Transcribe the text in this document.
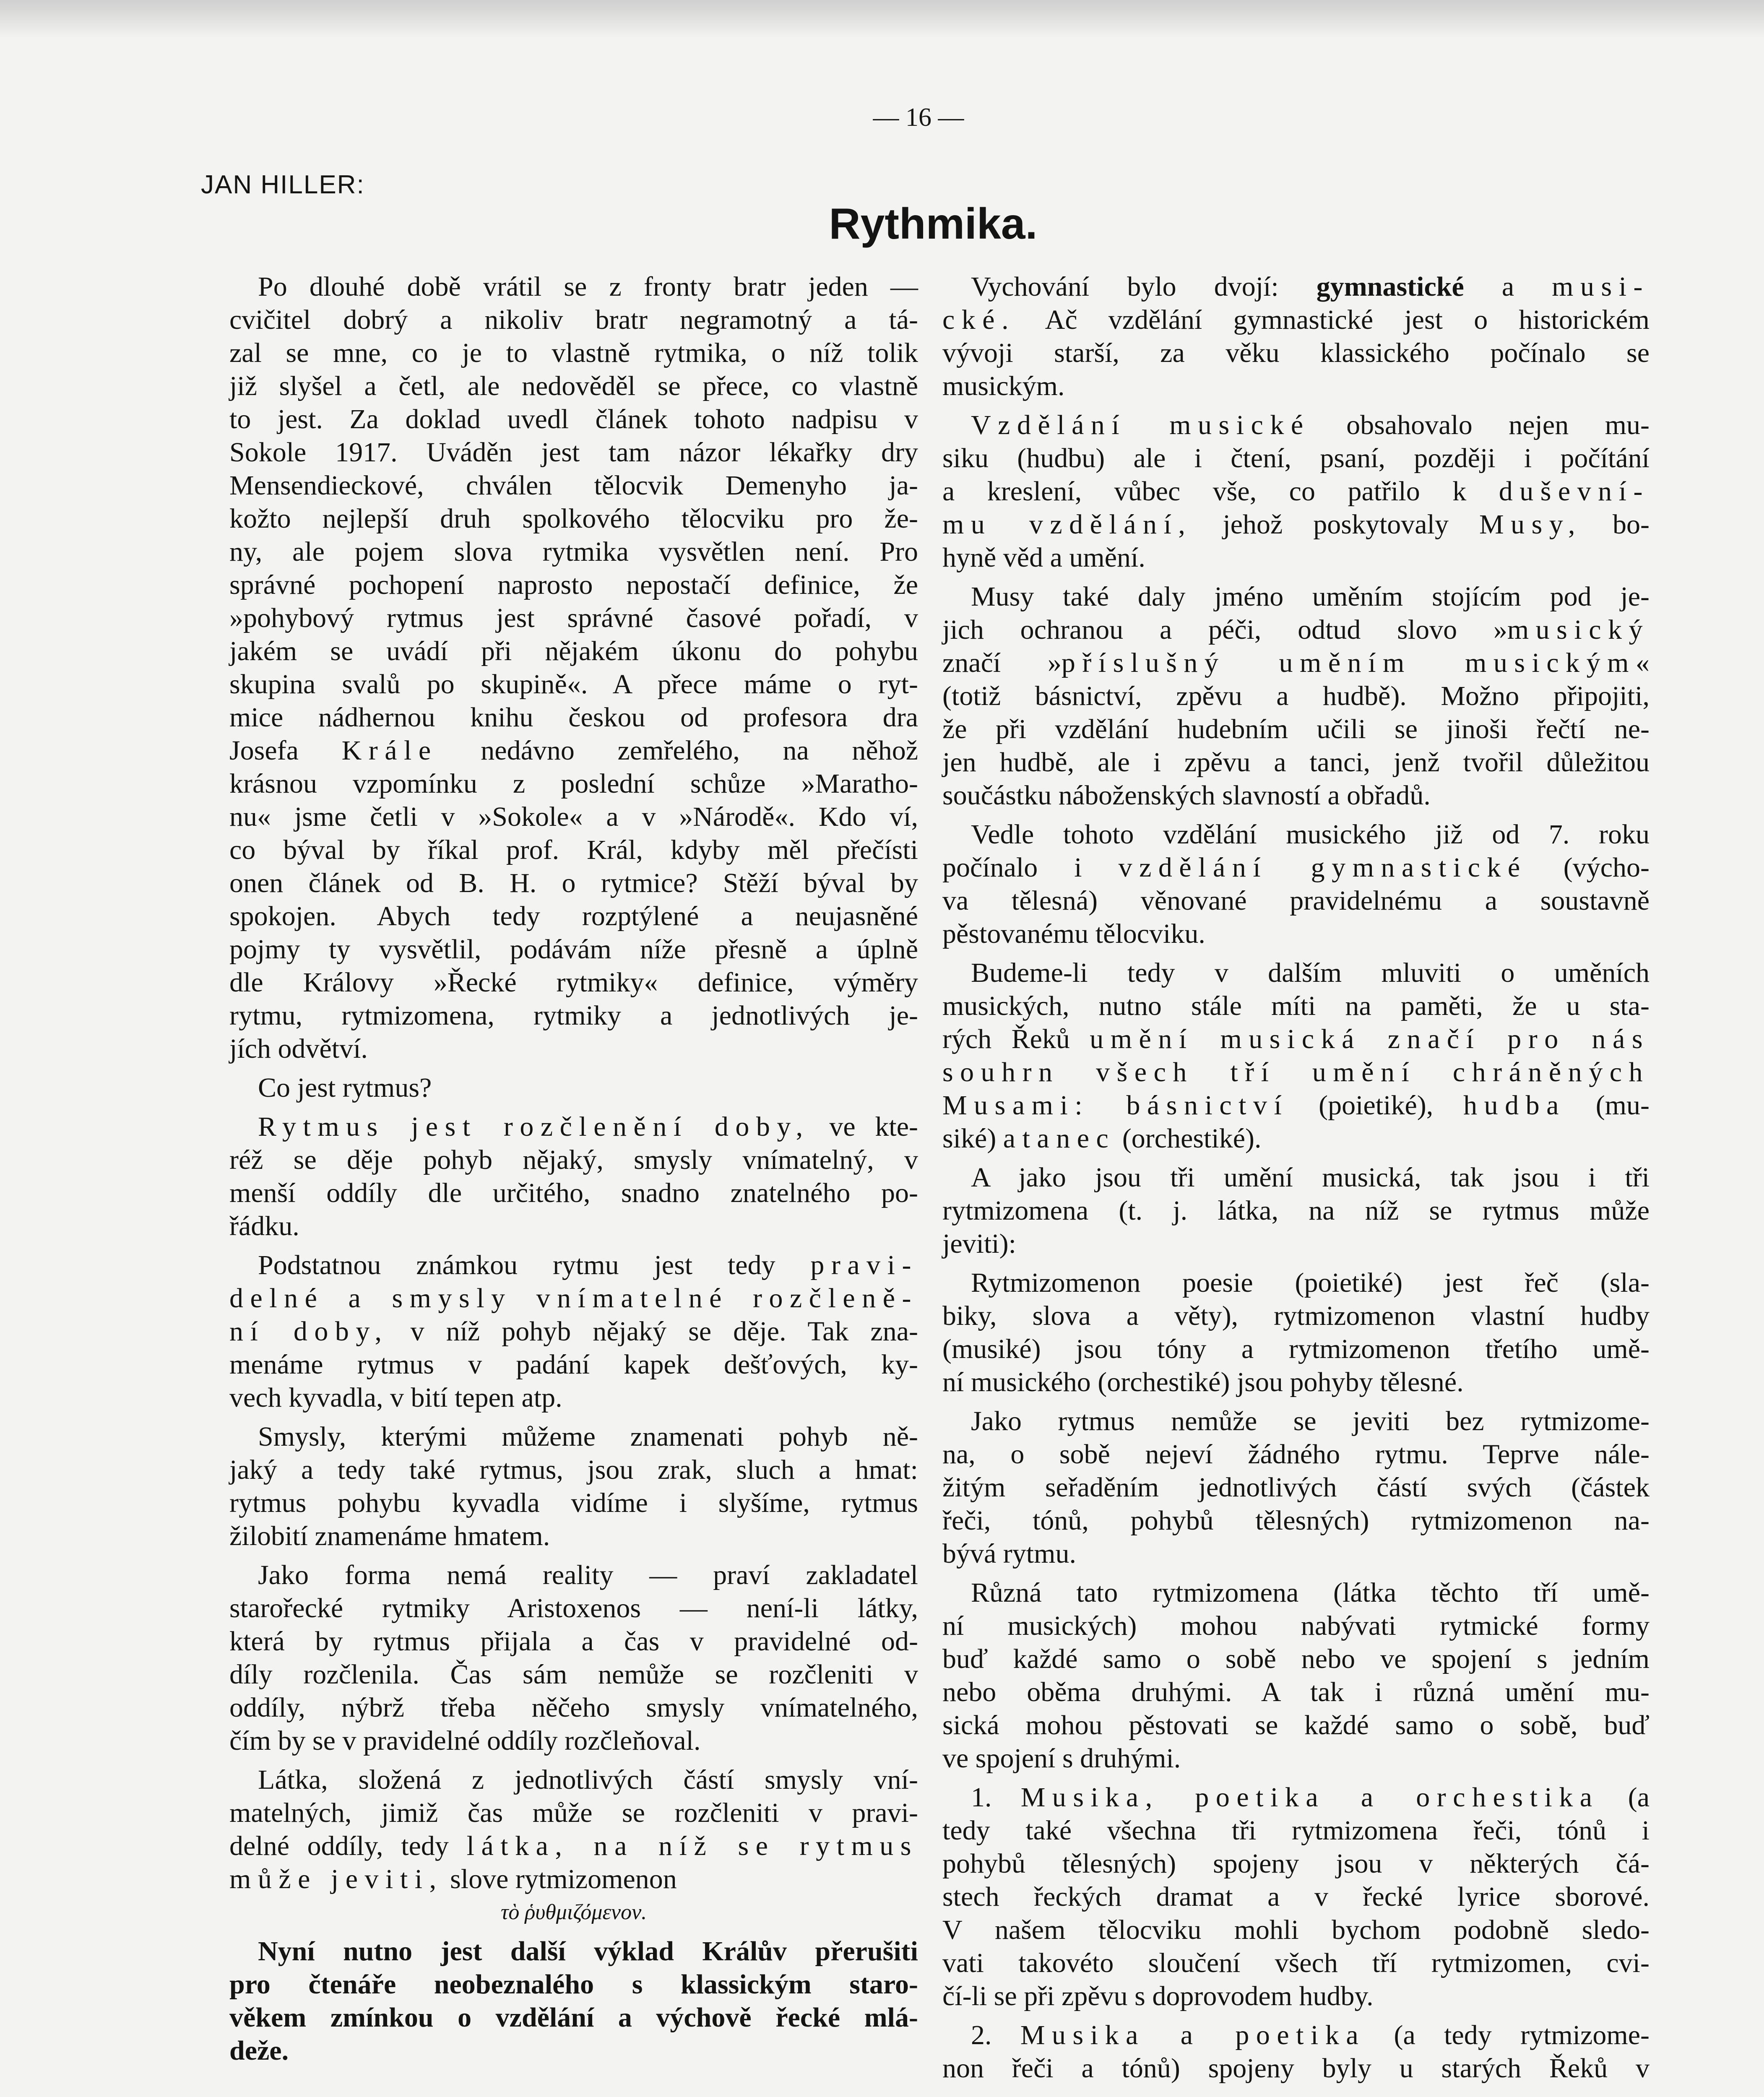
— 16 —
JAN HILLER:
Rythmika.
Po dlouhé době vrátil se z fronty bratr jeden —
cvičitel dobrý a nikoliv bratr negramotný a tá-
zal se mne, co je to vlastně rytmika, o níž tolik
již slyšel a četl, ale nedověděl se přece, co vlastně
to jest. Za doklad uvedl článek tohoto nadpisu v
Sokole 1917. Uváděn jest tam názor lékařky dry
Mensendieckové, chválen tělocvik Demenyho ja-
kožto nejlepší druh spolkového tělocviku pro že-
ny, ale pojem slova rytmika vysvětlen není. Pro
správné pochopení naprosto nepostačí definice, že
»pohybový rytmus jest správné časové pořadí, v
jakém se uvádí při nějakém úkonu do pohybu
skupina svalů po skupině«. A přece máme o ryt-
mice nádhernou knihu českou od profesora dra
Josefa Krále nedávno zemřelého, na něhož
krásnou vzpomínku z poslední schůze »Maratho-
nu« jsme četli v »Sokole« a v »Národě«. Kdo ví,
co býval by říkal prof. Král, kdyby měl přečísti
onen článek od B. H. o rytmice? Stěží býval by
spokojen. Abych tedy rozptýlené a neujasněné
pojmy ty vysvětlil, podávám níže přesně a úplně
dle Královy »Řecké rytmiky« definice, výměry
rytmu, rytmizomena, rytmiky a jednotlivých je-
jích odvětví.
Co jest rytmus?
Rytmus jest rozčlenění doby, ve kte-
réž se děje pohyb nějaký, smysly vnímatelný, v
menší oddíly dle určitého, snadno znatelného po-
řádku.
Podstatnou známkou rytmu jest tedy pravi-
delné a smysly vnímatelné rozčleně-
ní doby, v níž pohyb nějaký se děje. Tak zna-
menáme rytmus v padání kapek dešťových, ky-
vech kyvadla, v bití tepen atp.
Smysly, kterými můžeme znamenati pohyb ně-
jaký a tedy také rytmus, jsou zrak, sluch a hmat:
rytmus pohybu kyvadla vidíme i slyšíme, rytmus
žilobití znamenáme hmatem.
Jako forma nemá reality — praví zakladatel
starořecké rytmiky Aristoxenos — není-li látky,
která by rytmus přijala a čas v pravidelné od-
díly rozčlenila. Čas sám nemůže se rozčleniti v
oddíly, nýbrž třeba něčeho smysly vnímatelného,
čím by se v pravidelné oddíly rozčleňoval.
Látka, složená z jednotlivých částí smysly vní-
matelných, jimiž čas může se rozčleniti v pravi-
delné oddíly, tedy látka, na níž se rytmus
může jeviti, slove rytmizomenon
τὸ ῥυθμιζόμενον.
Nyní nutno jest další výklad Králův přerušiti
pro čtenáře neobeznalého s klassickým staro-
věkem zmínkou o vzdělání a výchově řecké mlá-
deže.
Vychování bylo dvojí: gymnastické a musi-
cké. Ač vzdělání gymnastické jest o historickém
vývoji starší, za věku klassického počínalo se
musickým.
Vzdělání musické obsahovalo nejen mu-
siku (hudbu) ale i čtení, psaní, později i počítání
a kreslení, vůbec vše, co patřilo k duševní-
mu vzdělání, jehož poskytovaly Musy, bo-
hyně věd a umění.
Musy také daly jméno uměním stojícím pod je-
jich ochranou a péči, odtud slovo »musický
značí »příslušný uměním musickým«
(totiž básnictví, zpěvu a hudbě). Možno připojiti,
že při vzdělání hudebním učili se jinoši řečtí ne-
jen hudbě, ale i zpěvu a tanci, jenž tvořil důležitou
součástku náboženských slavností a obřadů.
Vedle tohoto vzdělání musického již od 7. roku
počínalo i vzdělání gymnastické (výcho-
va tělesná) věnované pravidelnému a soustavně
pěstovanému tělocviku.
Budeme-li tedy v dalším mluviti o uměních
musických, nutno stále míti na paměti, že u sta-
rých Řeků umění musická značí pro nás
souhrn všech tří umění chráněných
Musami: básnictví (poietiké), hudba (mu-
siké) a tanec (orchestiké).
A jako jsou tři umění musická, tak jsou i tři
rytmizomena (t. j. látka, na níž se rytmus může
jeviti):
Rytmizomenon poesie (poietiké) jest řeč (sla-
biky, slova a věty), rytmizomenon vlastní hudby
(musiké) jsou tóny a rytmizomenon třetího umě-
ní musického (orchestiké) jsou pohyby tělesné.
Jako rytmus nemůže se jeviti bez rytmizome-
na, o sobě nejeví žádného rytmu. Teprve nále-
žitým seřaděním jednotlivých částí svých (částek
řeči, tónů, pohybů tělesných) rytmizomenon na-
bývá rytmu.
Různá tato rytmizomena (látka těchto tří umě-
ní musických) mohou nabývati rytmické formy
buď každé samo o sobě nebo ve spojení s jedním
nebo oběma druhými. A tak i různá umění mu-
sická mohou pěstovati se každé samo o sobě, buď
ve spojení s druhými.
1. Musika, poetika a orchestika (a
tedy také všechna tři rytmizomena řeči, tónů i
pohybů tělesných) spojeny jsou v některých čá-
stech řeckých dramat a v řecké lyrice sborové.
V našem tělocviku mohli bychom podobně sledo-
vati takovéto sloučení všech tří rytmizomen, cvi-
čí-li se při zpěvu s doprovodem hudby.
2. Musika a poetika (a tedy rytmizome-
non řeči a tónů) spojeny byly u starých Řeků v
